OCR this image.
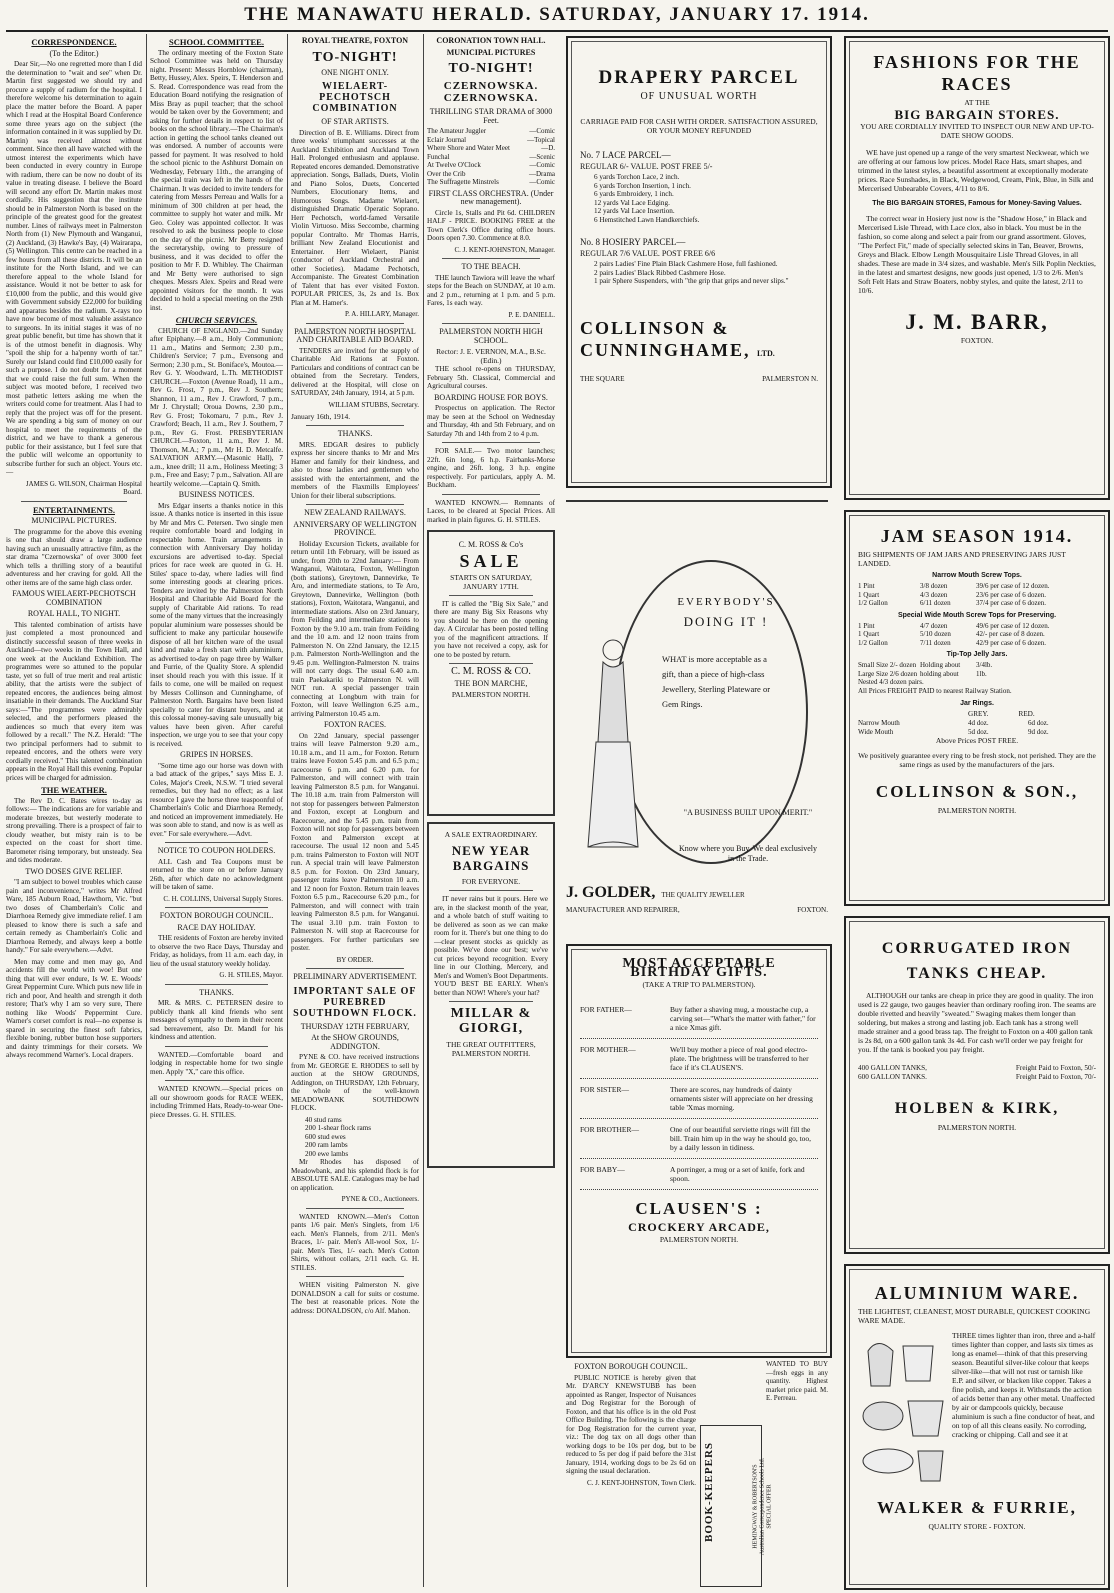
THE MANAWATU HERALD. SATURDAY, JANUARY 17. 1914.
CORRESPONDENCE.
(To the Editor.)

Dear Sir,—No one regretted more than I did the determination to "wait and see" when Dr. Martin first suggested we should try and procure a supply of radium for the hospital. I therefore welcome his determination to again place the matter before the Board. A paper which I read at the Hospital Board Conference some three years ago on the subject (the information contained in it was supplied by Dr. Martin) was received almost without comment. Since then all have watched with the utmost interest the experiments which have been conducted in every country in Europe with radium, there can be now no doubt of its value in treating disease. I believe the Board will second any effort Dr. Martin makes most cordially. His suggestion that the institute should be in Palmerston North is based on the principle of the greatest good for the greatest number. Lines of railways meet in Palmerston North from (1) New Plymouth and Wanganui, (2) Auckland, (3) Hawke's Bay, (4) Wairarapa, (5) Wellington. This centre can be reached in a few hours from all these districts. It will be an institute for the North Island, and we can therefore appeal to the whole Island for assistance. Would it not be better to ask for £10,000 from the public, and this would give with Government subsidy £22,000 for building and apparatus besides the radium. X-rays too have now become of most valuable assistance to surgeons. In its initial stages it was of no great public benefit, but time has shown that it is of the utmost benefit in diagnosis. Why "spoil the ship for a ha'penny worth of tar." Surely our Island could find £10,000 easily for such a purpose. I do not doubt for a moment that we could raise the full sum. When the subject was mooted before, I received two most pathetic letters asking me when the writers could come for treatment. Alas I had to reply that the project was off for the present. We are spending a big sum of money on our hospital to meet the requirements of the district, and we have to thank a generous public for their assistance, but I feel sure that the public will welcome an opportunity to subscribe further for such an object. Yours etc.—

JAMES G. WILSON, Chairman Hospital Board.
ENTERTAINMENTS.
MUNICIPAL PICTURES.

The programme for the above this evening is one that should draw a large audience having such an unusually attractive film, as the star drama "Czernowska" of over 3000 feet which tells a thrilling story of a beautiful adventuress and her craving for gold. All the other items are of the same high class order.

FAMOUS WIELAERT-PECHOTSCH COMBINATION
ROYAL HALL, TO NIGHT.

This talented combination of artists have just completed a most pronounced and distinctly successful season of three weeks in Auckland—two weeks in the Town Hall, and one week at the Auckland Exhibition. The programmes were so attuned to the popular taste, yet so full of true merit and real artistic ability, that the artists were the subject of repeated encores, the audiences being almost insatiable in their demands. The Auckland Star says:—"The programmes were admirably selected, and the performers pleased the audiences so much that every item was followed by a recall." The N.Z. Herald: "The two principal performers had to submit to repeated encores, and the others were very cordially received." This talented combination appears in the Royal Hall this evening. Popular prices will be charged for admission.

THE WEATHER.

The Rev D. C. Bates wires to-day as follows:— The indications are for variable and moderate breezes, but westerly moderate to strong prevailing. There is a prospect of fair to cloudy weather, but misty rain is to be expected on the coast for short time. Barometer rising temporary, but unsteady. Sea and tides moderate.

TWO DOSES GIVE RELIEF.

"I am subject to bowel troubles which cause pain and inconvenience," writes Mr Alfred Ware, 185 Auburn Road, Hawthorn, Vic. "but two doses of Chamberlain's Colic and Diarrhoea Remedy give immediate relief. I am pleased to know there is such a safe and certain remedy as Chamberlain's Colic and Diarrhoea Remedy, and always keep a bottle handy." For sale everywhere.—Advt.

Men may come and men may go, And accidents fill the world with woe! But one thing that will ever endure, Is W. E. Woods' Great Peppermint Cure. Which puts new life in rich and poor, And health and strength it doth restore; That's why I am so very sure, There nothing like Woods' Peppermint Cure. Warner's corset comfort is real—no expense is spared in securing the finest soft fabrics, flexible boning, rubber button hose supporters and dainty trimmings for their corsets. We always recommend Warner's. Local drapers.

SCHOOL COMMITTEE.

The ordinary meeting of the Foxton State School Committee was held on Thursday night. Present: Messrs Hornblow (chairman), Betty, Hussey, Alex. Speirs, T. Henderson and S. Read. Correspondence was read from the Education Board notifying the resignation of Miss Bray as pupil teacher; that the school would be taken over by the Government; and asking for further details in respect to list of books on the school library.—The Chairman's action in getting the school tanks cleaned out was endorsed. A number of accounts were passed for payment. It was resolved to hold the school picnic to the Ashhurst Domain on Wednesday, February 11th., the arranging of the special train was left in the hands of the Chairman. It was decided to invite tenders for catering from Messrs Perreau and Walls for a minimum of 300 children at per head, the committee to supply hot water and milk. Mr Geo. Coley was appointed collector. It was resolved to ask the business people to close on the day of the picnic. Mr Betty resigned the secretaryship, owing to pressure of business, and it was decided to offer the position to Mr F. D. Whibley. The Chairman and Mr Betty were authorised to sign cheques. Messrs Alex. Speirs and Read were appointed visitors for the month. It was decided to hold a special meeting on the 29th inst.

CHURCH SERVICES.

CHURCH OF ENGLAND.—2nd Sunday after Epiphany.—8 a.m., Holy Communion; 11 a.m., Matins and Sermon; 2.30 p.m., Children's Service; 7 p.m., Evensong and Sermon; 2.30 p.m., St. Boniface's, Moutoa.—Rev G. Y. Woodward, L.Th. METHODIST CHURCH.—Foxton (Avenue Road), 11 a.m., Rev G. Frost, 7 p.m., Rev J. Southern; Shannon, 11 a.m., Rev J. Crawford, 7 p.m., Mr J. Chrystall; Oroua Downs, 2.30 p.m., Rev G. Frost; Tokomaru, 7 p.m., Rev J. Crawford; Beach, 11 a.m., Rev J. Southern, 7 p.m., Rev G. Frost. PRESBYTERIAN CHURCH.—Foxton, 11 a.m., Rev J. M. Thomson, M.A.; 7 p.m., Mr H. D. Metcalfe. SALVATION ARMY.—(Masonic Hall), 7 a.m., knee drill; 11 a.m., Holiness Meeting; 3 p.m., Free and Easy; 7 p.m., Salvation. All are heartily welcome.—Captain Q. Smith.

BUSINESS NOTICES.

Mrs Edgar inserts a thanks notice in this issue. A thanks notice is inserted in this issue by Mr and Mrs C. Petersen. Two single men require comfortable board and lodging in respectable home. Train arrangements in connection with Anniversary Day holiday excursions are advertised to-day. Special prices for race week are quoted in G. H. Stiles' space to-day, where ladies will find some interesting goods at clearing prices. Tenders are invited by the Palmerston North Hospital and Charitable Aid Board for the supply of Charitable Aid rations. To read some of the many virtues that the increasingly popular aluminium ware possesses should be sufficient to make any particular housewife dispose of all her kitchen ware of the usual kind and make a fresh start with aluminium, as advertised to-day on page three by Walker and Furrie, of the Quality Store. A splendid inset should reach you with this issue. If it fails to come, one will be mailed on request by Messrs Collinson and Cunninghame, of Palmerston North. Bargains have been listed specially to cater for distant buyers, and at this colossal money-saving sale unusually big values have been given. After careful inspection, we urge you to see that your copy is received.

GRIPES IN HORSES.

"Some time ago our horse was down with a bad attack of the gripes," says Miss E. J. Coles, Major's Creek, N.S.W. "I tried several remedies, but they had no effect; as a last resource I gave the horse three teaspoonful of Chamberlain's Colic and Diarrhoea Remedy, and noticed an improvement immediately. He was soon able to stand, and now is as well as ever." For sale everywhere.—Advt.

NOTICE TO COUPON HOLDERS.

ALL Cash and Tea Coupons must be returned to the store on or before January 26th, after which date no acknowledgment will be taken of same.

C. H. COLLINS, Universal Supply Stores.
FOXTON BOROUGH COUNCIL.
RACE DAY HOLIDAY.

THE residents of Foxton are hereby invited to observe the two Race Days, Thursday and Friday, as holidays, from 11 a.m. each day, in lieu of the usual statutory weekly holiday.

G. H. STILES, Mayor.
THANKS.

MR. & MRS. C. PETERSEN desire to publicly thank all kind friends who sent messages of sympathy to them in their recent sad bereavement, also Dr. Mandl for his kindness and attention.

WANTED.—Comfortable board and lodging in respectable home for two single men. Apply "X," care this office.

WANTED KNOWN.—Special prices on all our showroom goods for RACE WEEK, including Trimmed Hats, Ready-to-wear One-piece Dresses. G. H. STILES.

ROYAL THEATRE, FOXTON
TO-NIGHT!
ONE NIGHT ONLY.
WIELAERT-PECHOTSCH COMBINATION
OF STAR ARTISTS.

Direction of B. E. Williams. Direct from three weeks' triumphant successes at the Auckland Exhibition and Auckland Town Hall. Prolonged enthusiasm and applause. Repeated encores demanded. Demonstrative appreciation. Songs, Ballads, Duets, Violin and Piano Solos, Duets, Concerted Numbers, Elocutionary Items, and Humorous Songs. Madame Wielaert, distinguished Dramatic Operatic Soprano. Herr Pechotsch, world-famed Versatile Violin Virtuoso. Miss Seccombe, charming popular Contralto. Mr Thomas Harris, brilliant New Zealand Elocutionist and Entertainer. Herr Wielaert, Pianist (conductor of Auckland Orchestral and other Societies). Madame Pechotsch, Accompaniste. The Greatest Combination of Talent that has ever visited Foxton. POPULAR PRICES, 3s, 2s and 1s. Box Plan at M. Hamer's.

P. A. HILLARY, Manager.
PALMERSTON NORTH HOSPITAL AND CHARITABLE AID BOARD.

TENDERS are invited for the supply of Charitable Aid Rations at Foxton. Particulars and conditions of contract can be obtained from the Secretary. Tenders, delivered at the Hospital, will close on SATURDAY, 24th January, 1914, at 5 p.m.

WILLIAM STUBBS, Secretary.
January 16th, 1914.
THANKS.

MRS. EDGAR desires to publicly express her sincere thanks to Mr and Mrs Hamer and family for their kindness, and also to those ladies and gentlemen who assisted with the entertainment, and the members of the Flaxmills Employees' Union for their liberal subscriptions.

NEW ZEALAND RAILWAYS.
ANNIVERSARY OF WELLINGTON PROVINCE.

Holiday Excursion Tickets, available for return until 1th February, will be issued as under, from 20th to 22nd January:— From Wanganui, Waitotara, Foxton, Wellington (both stations), Greytown, Dannevirke, Te Aro, and intermediate stations, to Te Aro, Greytown, Dannevirke, Wellington (both stations), Foxton, Waitotara, Wanganui, and intermediate stations. Also on 23rd January, from Feilding and intermediate stations to Foxton by the 9.10 a.m. train from Feilding and the 10 a.m. and 12 noon trains from Palmerston N. On 22nd January, the 12.15 p.m. Palmerston North-Wellington and the 9.45 p.m. Wellington-Palmerston N. trains will not carry dogs. The usual 6.40 a.m. train Paekakariki to Palmerston N. will NOT run. A special passenger train connecting at Longburn with train for Foxton, will leave Wellington 6.25 a.m., arriving Palmerston 10.45 a.m.

FOXTON RACES.

On 22nd January, special passenger trains will leave Palmerston 9.20 a.m., 10.18 a.m., and 11 a.m., for Foxton. Return trains leave Foxton 5.45 p.m. and 6.5 p.m.; racecourse 6 p.m. and 6.20 p.m. for Palmerston, and will connect with train leaving Palmerston 8.5 p.m. for Wanganui. The 10.18 a.m. train from Palmerston will not stop for passengers between Palmerston and Foxton, except at Longburn and Racecourse, and the 5.45 p.m. train from Foxton will not stop for passengers between Foxton and Palmerston except at racecourse. The usual 12 noon and 5.45 p.m. trains Palmerston to Foxton will NOT run. A special train will leave Palmerston 8.5 p.m. for Foxton. On 23rd January, passenger trains leave Palmerston 10 a.m. and 12 noon for Foxton. Return train leaves Foxton 6.5 p.m., Racecourse 6.20 p.m., for Palmerston, and will connect with train leaving Palmerston 8.5 p.m. for Wanganui. The usual 3.10 p.m. train Foxton to Palmerston N. will stop at Racecourse for passengers. For further particulars see poster.

BY ORDER.
PRELIMINARY ADVERTISEMENT.
IMPORTANT SALE OF PUREBRED SOUTHDOWN FLOCK.
THURSDAY 12TH FEBRUARY,
At the SHOW GROUNDS, ADDINGTON.

PYNE & CO. have received instructions from Mr. GEORGE E. RHODES to sell by auction at the SHOW GROUNDS, Addington, on THURSDAY, 12th February, the whole of the well-known MEADOWBANK SOUTHDOWN FLOCK.

40 stud rams
200 1-shear flock rams
600 stud ewes
200 ram lambs
200 ewe lambs

Mr Rhodes has disposed of Meadowbank, and his splendid flock is for ABSOLUTE SALE. Catalogues may be had on application.

PYNE & CO., Auctioneers.

WANTED KNOWN.—Men's Cotton pants 1/6 pair. Men's Singlets, from 1/6 each. Men's Flannels, from 2/11. Men's Braces, 1/- pair. Men's All-wool Sox, 1/- pair. Men's Ties, 1/- each. Men's Cotton Shirts, without collars, 2/11 each. G. H. STILES.

WHEN visiting Palmerston N. give DONALDSON a call for suits or costume. The best at reasonable prices. Note the address: DONALDSON, c/o Alf. Mahon.

CORONATION TOWN HALL.
MUNICIPAL PICTURES
TO-NIGHT!
CZERNOWSKA. CZERNOWSKA.
THRILLING STAR DRAMA of 3000 Feet.
The Amateur Juggler	—Comic
Eclair Journal	—Topical
Where Shore and Water Meet	—D.
Funchal	—Scenic
At Twelve O'Clock	—Comic
Over the Crib	—Drama
The Suffragette Minstrels	—Comic
FIRST CLASS ORCHESTRA. (Under new management).

Circle 1s, Stalls and Pit 6d. CHILDREN HALF - PRICE. BOOKING FREE at the Town Clerk's Office during office hours. Doors open 7.30. Commence at 8.0.

C. J. KENT-JOHNSTON, Manager.
TO THE BEACH.

THE launch Tawiora will leave the wharf steps for the Beach on SUNDAY, at 10 a.m. and 2 p.m., returning at 1 p.m. and 5 p.m. Fares, 1s each way.

P. E. DANIELL.
PALMERSTON NORTH HIGH SCHOOL.
Rector: J. E. VERNON, M.A., B.Sc. (Edin.)

THE school re-opens on THURSDAY, February 5th. Classical, Commercial and Agricultural courses.

BOARDING HOUSE FOR BOYS.

Prospectus on application. The Rector may be seen at the School on Wednesday and Thursday, 4th and 5th February, and on Saturday 7th and 14th from 2 to 4 p.m.

FOR SALE.— Two motor launches; 22ft. 6in long, 6 h.p. Fairbanks-Morse engine, and 26ft. long, 3 h.p. engine respectively. For particulars, apply A. M. Buckham.

WANTED KNOWN.— Remnants of Laces, to be cleared at Special Prices. All marked in plain figures. G. H. STILES.

C. M. ROSS & Co's
SALE
STARTS ON SATURDAY, JANUARY 17TH.

IT is called the "Big Six Sale," and there are many Big Six Reasons why you should be there on the opening day. A Circular has been posted telling you of the magnificent attractions. If you have not received a copy, ask for one to be posted by return.

C. M. ROSS & CO.
THE BON MARCHE,
PALMERSTON NORTH.
A SALE EXTRAORDINARY.
NEW YEAR BARGAINS
FOR EVERYONE.

IT never rains but it pours. Here we are, in the slackest month of the year, and a whole batch of stuff waiting to be delivered as soon as we can make room for it. There's but one thing to do—clear present stocks as quickly as possible. We've done our best; we've cut prices beyond recognition. Every line in our Clothing, Mercery, and Men's and Women's Boot Departments. YOU'D BEST BE EARLY. When's better than NOW! Where's your hat?

MILLAR & GIORGI,
THE GREAT OUTFITTERS,
PALMERSTON NORTH.
DRAPERY PARCEL
OF UNUSUAL WORTH
CARRIAGE PAID FOR CASH WITH ORDER. SATISFACTION ASSURED, OR YOUR MONEY REFUNDED
No. 7 LACE PARCEL—
REGULAR 6/- VALUE. POST FREE 5/-
6 yards Torchon Lace, 2 inch.
6 yards Torchon Insertion, 1 inch.
6 yards Embroidery, 1 inch.
12 yards Val Lace Edging.
12 yards Val Lace Insertion.
6 Hemstitched Lawn Handkerchiefs.
No. 8 HOSIERY PARCEL—
REGULAR 7/6 VALUE. POST FREE 6/6
2 pairs Ladies' Fine Plain Black Cashmere Hose, full fashioned.
2 pairs Ladies' Black Ribbed Cashmere Hose.
1 pair Sphere Suspenders, with "the grip that grips and never slips."
COLLINSON & CUNNINGHAME, LTD.
THE SQUARE	PALMERSTON N.
EVERYBODY'S
DOING IT !
WHAT is more acceptable as a gift, than a piece of high-class Jewellery, Sterling Plateware or Gem Rings.
"A BUSINESS BUILT UPON MERIT."
Know where you Buy. We deal exclusively in the Trade.
J. GOLDER, THE QUALITY JEWELLER
MANUFACTURER AND REPAIRER,	FOXTON.
MOST ACCEPTABLE BIRTHDAY GIFTS.
(TAKE A TRIP TO PALMERSTON).
FOR FATHER—	Buy father a shaving mug, a moustache cup, a carving set—"What's the matter with father," for a nice Xmas gift.
FOR MOTHER—	We'll buy mother a piece of real good electro-plate. The brightness will be transferred to her face if it's CLAUSEN'S.
FOR SISTER—	There are scores, nay hundreds of dainty ornaments sister will appreciate on her dressing table 'Xmas morning.
FOR BROTHER—	One of our beautiful serviette rings will fill the bill. Train him up in the way he should go, too, by a daily lesson in tidiness.
FOR BABY—	A porringer, a mug or a set of knife, fork and spoon.
CLAUSEN'S :
CROCKERY ARCADE,
PALMERSTON NORTH.
FOXTON BOROUGH COUNCIL.

PUBLIC NOTICE is hereby given that Mr. D'ARCY KNEWSTUBB has been appointed as Ranger, Inspector of Nuisances and Dog Registrar for the Borough of Foxton, and that his office is in the old Post Office Building. The following is the charge for Dog Registration for the current year, viz.: The dog tax on all dogs other than working dogs to be 10s per dog, but to be reduced to 5s per dog if paid before the 31st January, 1914, working dogs to be 2s 6d on signing the usual declaration.

C. J. KENT-JOHNSTON, Town Clerk. BOOK-KEEPERS	HEMINGWAY & ROBERTSON'S Australian Correspondence Schools Ltd. SPECIAL OFFER
WANTED TO BUY—fresh eggs in any quantity. Highest market price paid. M. E. Perreau.
FASHIONS FOR THE RACES
AT THE
BIG BARGAIN STORES.
YOU ARE CORDIALLY INVITED TO INSPECT OUR NEW AND UP-TO-DATE SHOW GOODS.

WE have just opened up a range of the very smartest Neckwear, which we are offering at our famous low prices. Model Race Hats, smart shapes, and trimmed in the latest styles, a beautiful assortment at exceptionally moderate prices. Race Sunshades, in Black, Wedgewood, Cream, Pink, Blue, in Silk and Mercerised Unbearable Covers, 4/11 to 8/6.

The BIG BARGAIN STORES, Famous for Money-Saving Values.

The correct wear in Hosiery just now is the "Shadow Hose," in Black and Mercerised Lisle Thread, with Lace clox, also in black. You must be in the fashion, so come along and select a pair from our grand assortment. Gloves, "The Perfect Fit," made of specially selected skins in Tan, Beaver, Browns, Greys and Black. Elbow Length Mousquitaire Lisle Thread Gloves, in all shades. These are made in 3/4 sizes, and washable. Men's Silk Poplin Neckties, in the latest and smartest designs, new goods just opened, 1/3 to 2/6. Men's Soft Felt Hats and Straw Boaters, nobby styles, and quite the latest, 2/11 to 10/6.

J. M. BARR,
FOXTON.
JAM SEASON 1914.
BIG SHIPMENTS OF JAM JARS AND PRESERVING JARS JUST LANDED.
Narrow Mouth Screw Tops.
1 Pint	3/8 dozen	39/6 per case of 12 dozen.
1 Quart	4/3 dozen	23/6 per case of 6 dozen.
1/2 Gallon	6/11 dozen	37/4 per case of 6 dozen.
Special Wide Mouth Screw Tops for Preserving.
1 Pint	4/7 dozen	49/6 per case of 12 dozen.
1 Quart	5/10 dozen	42/- per case of 8 dozen.
1/2 Gallon	7/11 dozen	42/9 per case of 6 dozen.
Tip-Top Jelly Jars.
Small Size 2/- dozen Holding about	3/4lb.
Large Size 2/6 dozen holding about	1lb.
Nested 4/3 dozen pairs.
All Prices FREIGHT PAID to nearest Railway Station.
Jar Rings.
GREY.	RED.
Narrow Mouth	4d doz.	6d doz.
Wide Mouth	5d doz.	9d doz.
Above Prices POST FREE.
We positively guarantee every ring to be fresh stock, not perished. They are the same rings as used by the manufacturers of the jars.
COLLINSON & SON.,
PALMERSTON NORTH.
CORRUGATED IRON
TANKS CHEAP.

ALTHOUGH our tanks are cheap in price they are good in quality. The iron used is 22 gauge, two gauges heavier than ordinary roofing iron. The seams are double rivetted and heavily "sweated." Swaging makes them longer than soldering, but makes a strong and lasting job. Each tank has a strong well made strainer and a good brass tap. The freight to Foxton on a 400 gallon tank is 2s 8d, on a 600 gallon tank 3s 4d. For cash we'll order we pay freight for you. If the tank is booked you pay freight.

400 GALLON TANKS,	Freight Paid to Foxton, 50/-
600 GALLON TANKS.	Freight Paid to Foxton, 70/-
HOLBEN & KIRK,
PALMERSTON NORTH.
ALUMINIUM WARE.
THE LIGHTEST, CLEANEST, MOST DURABLE, QUICKEST COOKING WARE MADE.

THREE times lighter than iron, three and a-half times lighter than copper, and lasts six times as long as enamel—think of that this preserving season. Beautiful silver-like colour that keeps silver-like—that will not rust or tarnish like E.P. and silver, or blacken like copper. Takes a fine polish, and keeps it. Withstands the action of acids better than any other metal. Unaffected by air or dampcools quickly, because aluminium is such a fine conductor of heat, and on top of all this cleans easily. No corroding, cracking or chipping. Call and see it at

WALKER & FURRIE,
QUALITY STORE - FOXTON.
